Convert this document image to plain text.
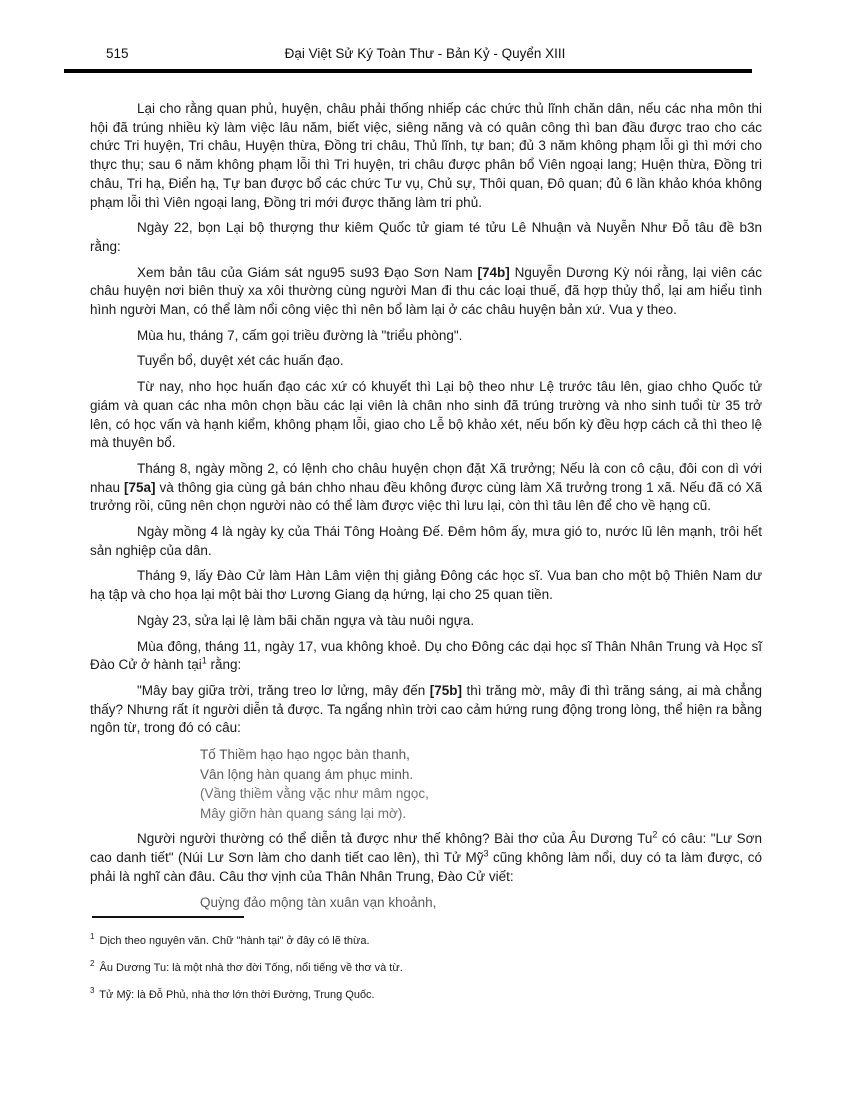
515	Đại Việt Sử Ký Toàn Thư - Bản Kỷ - Quyển XIII

Lại cho rằng quan phủ, huyện, châu phải thống nhiếp các chức thủ lĩnh chăn dân, nếu các nha môn thi hội đã trúng nhiều kỳ làm việc lâu năm, biết việc, siêng năng và có quân công thì ban đầu được trao cho các chức Tri huyện, Tri châu, Huyện thừa, Đồng tri châu, Thủ lĩnh, tự ban; đủ 3 năm không phạm lỗi gì thì mới cho thực thụ; sau 6 năm không phạm lỗi thì Tri huyện, tri châu được phân bổ Viên ngoại lang; Huện thừa, Đồng tri châu, Tri hạ, Điển hạ, Tự ban được bổ các chức Tư vụ, Chủ sự, Thôi quan, Đô quan; đủ 6 lần khảo khóa không phạm lỗi thì Viên ngoại lang, Đồng tri mới được thăng làm tri phủ.

Ngày 22, bọn Lại bộ thượng thư kiêm Quốc tử giam té tửu Lê Nhuận và Nuyễn Như Đỗ tâu đề b3n rằng:

Xem bản tâu của Giám sát ngu95 su93 Đạo Sơn Nam [74b] Nguyễn Dương Kỳ nói rằng, lại viên các châu huyện nơi biên thuỳ xa xôi thường cùng người Man đi thu các loại thuế, đã hợp thủy thổ, lại am hiểu tình hình người Man, có thể làm nổi công việc thì nên bổ làm lại ở các châu huyện bản xứ. Vua y theo.

Mùa hu, tháng 7, cấm gọi triều đường là "triểu phòng".

Tuyển bổ, duyệt xét các huấn đạo.

Từ nay, nho học huấn đạo các xứ có khuyết thì Lại bộ theo như Lệ trước tâu lên, giao chho Quốc tử giám và quan các nha môn chọn bầu các lại viên là chân nho sinh đã trúng trường và nho sinh tuổi từ 35 trở lên, có học vấn và hạnh kiểm, không phạm lỗi, giao cho Lễ bộ khảo xét, nếu bốn kỳ đều hợp cách cả thì theo lệ mà thuyên bổ.

Tháng 8, ngày mồng 2, có lệnh cho châu huyện chọn đặt Xã trưởng; Nếu là con cô cậu, đôi con dì với nhau [75a] và thông gia cùng gả bán chho nhau đều không được cùng làm Xã trưởng trong 1 xã. Nếu đã có Xã trưởng rồi, cũng nên chọn người nào có thể làm được việc thì lưu lại, còn thì tâu lên để cho về hạng cũ.

Ngày mồng 4 là ngày kỵ của Thái Tông Hoàng Đế. Đêm hôm ấy, mưa gió to, nước lũ lên mạnh, trôi hết sản nghiệp của dân.

Tháng 9, lấy Đào Cử làm Hàn Lâm viện thị giảng Đông các học sĩ. Vua ban cho một bộ Thiên Nam dư hạ tập và cho họa lại một bài thơ Lương Giang dạ hứng, lại cho 25 quan tiền.

Ngày 23, sửa lại lệ làm bãi chăn ngựa và tàu nuôi ngựa.

Mùa đông, tháng 11, ngày 17, vua không khoẻ. Dụ cho Đông các dại học sĩ Thân Nhân Trung và Học sĩ Đào Cử ở hành tại$^1$ rằng:

"Mây bay giữa trời, trăng treo lơ lửng, mây đến [75b] thì trăng mờ, mây đi thì trăng sáng, ai mà chẳng thấy? Nhưng rất ít người diễn tả được. Ta ngẩng nhìn trời cao cảm hứng rung động trong lòng, thể hiện ra bằng ngôn từ, trong đó có câu:

Tố Thiềm hạo hạo ngọc bàn thanh,
Vân lộng hàn quang ám phục minh.
(Vầng thiềm vằng vặc như mâm ngọc,
Mây giỡn hàn quang sáng lại mờ).

Người người thường có thể diễn tả được như thế không? Bài thơ của Âu Dương Tu$^2$ có câu: "Lư Sơn cao danh tiết" (Núi Lư Sơn làm cho danh tiết cao lên), thì Tử Mỹ$^3$ cũng không làm nổi, duy có ta làm được, có phải là nghĩ càn đâu. Câu thơ vịnh của Thân Nhân Trung, Đào Cử viết:

Quỳng đảo mộng tàn xuân vạn khoảnh,
$^1$ Dịch theo nguyên văn. Chữ "hành tại" ở đây có lẽ thừa.
$^2$ Âu Dương Tu: là một nhà thơ đời Tống, nổi tiếng về thơ và từ.
$^3$ Tử Mỹ: là Đỗ Phủ, nhà thơ lớn thời Đường, Trung Quốc.
